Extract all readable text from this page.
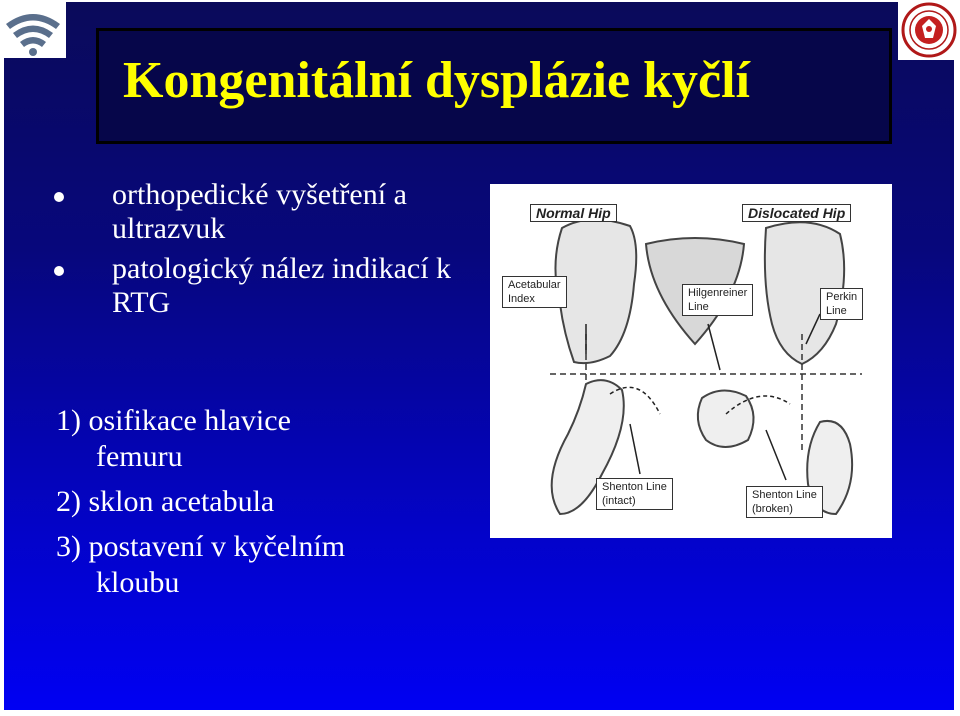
Kongenitální dysplázie kyčlí
orthopedické vyšetření a ultrazvuk
patologický nález indikací k RTG
1) osifikace hlavice
femuru
2) sklon acetabula
3) postavení v kyčelním
kloubu
Normal Hip	Dislocated Hip
Acetabular
Index	Hilgenreiner
Line
Perkin
Line
Shenton Line
(intact)	Shenton Line
(broken)
